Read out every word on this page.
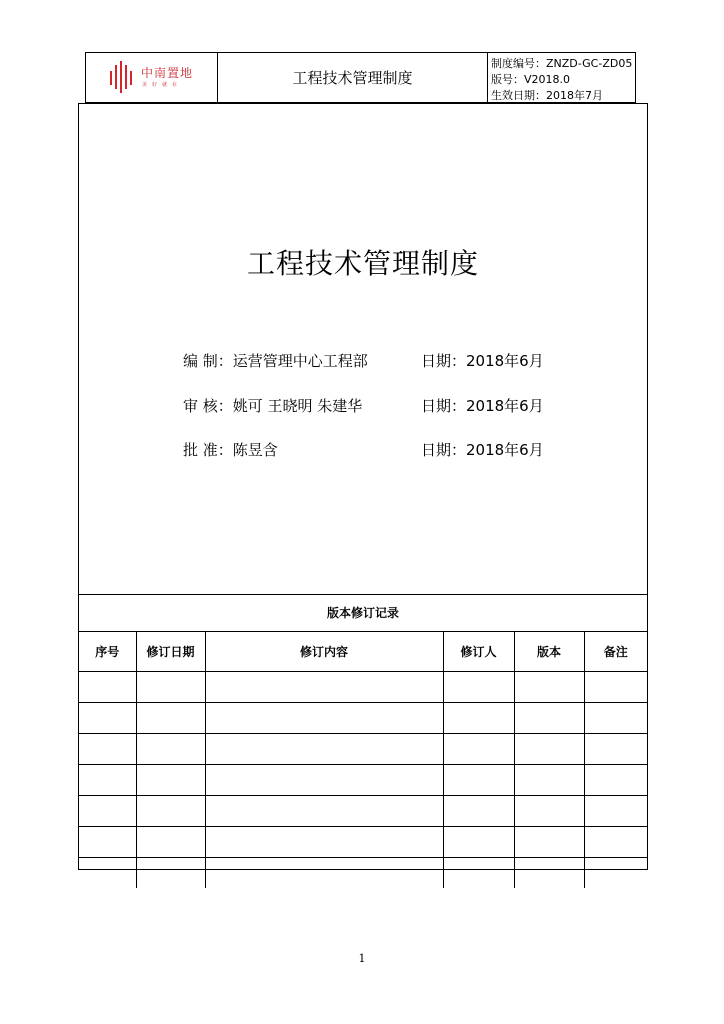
中南置地
美好就在	工程技术管理制度
制度编号：ZNZD-GC-ZD05
版号：V2018.0
生效日期：2018年7月
工程技术管理制度
编 制：运营管理中心工程部	日期：2018年6月
审 核：姚可 王晓明 朱建华	日期：2018年6月
批 准：陈昱含	日期：2018年6月
版本修订记录
序号	修订日期	修订内容	修订人	版本	备注

1
